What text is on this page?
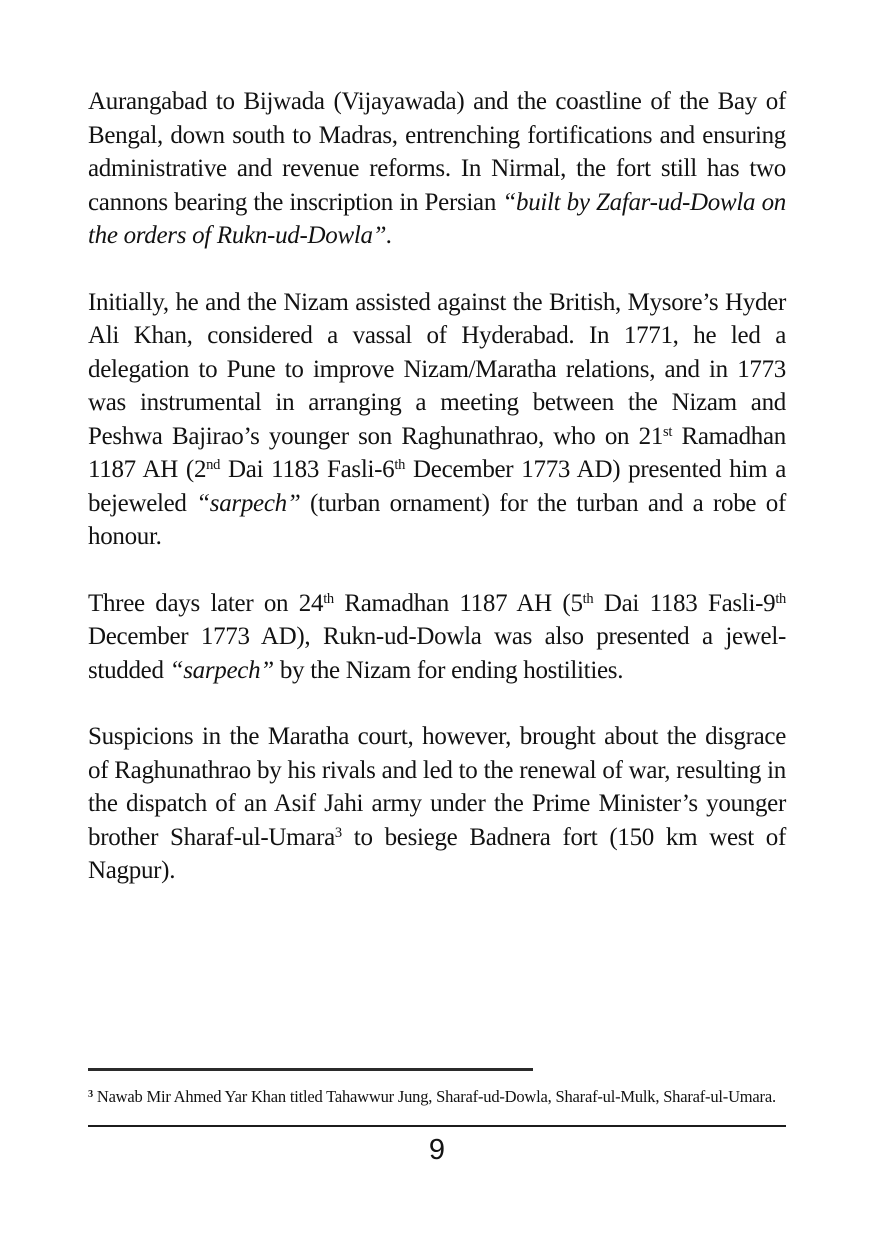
Aurangabad to Bijwada (Vijayawada) and the coastline of the Bay of Bengal, down south to Madras, entrenching fortifications and ensuring administrative and revenue reforms. In Nirmal, the fort still has two cannons bearing the inscription in Persian “built by Zafar-ud-Dowla on the orders of Rukn-ud-Dowla”.

Initially, he and the Nizam assisted against the British, Mysore’s Hyder Ali Khan, considered a vassal of Hyderabad. In 1771, he led a delegation to Pune to improve Nizam/Maratha relations, and in 1773 was instrumental in arranging a meeting between the Nizam and Peshwa Bajirao’s younger son Raghunathrao, who on 21st Ramadhan 1187 AH (2nd Dai 1183 Fasli-6th December 1773 AD) presented him a bejeweled “sarpech” (turban ornament) for the turban and a robe of honour.

Three days later on 24th Ramadhan 1187 AH (5th Dai 1183 Fasli-9th December 1773 AD), Rukn-ud-Dowla was also presented a jewel-studded “sarpech” by the Nizam for ending hostilities.

Suspicions in the Maratha court, however, brought about the disgrace of Raghunathrao by his rivals and led to the renewal of war, resulting in the dispatch of an Asif Jahi army under the Prime Minister’s younger brother Sharaf-ul-Umara$^3$ to besiege Badnera fort (150 km west of Nagpur).

$^3$ Nawab Mir Ahmed Yar Khan titled Tahawwur Jung, Sharaf-ud-Dowla, Sharaf-ul-Mulk, Sharaf-ul-Umara.

9
